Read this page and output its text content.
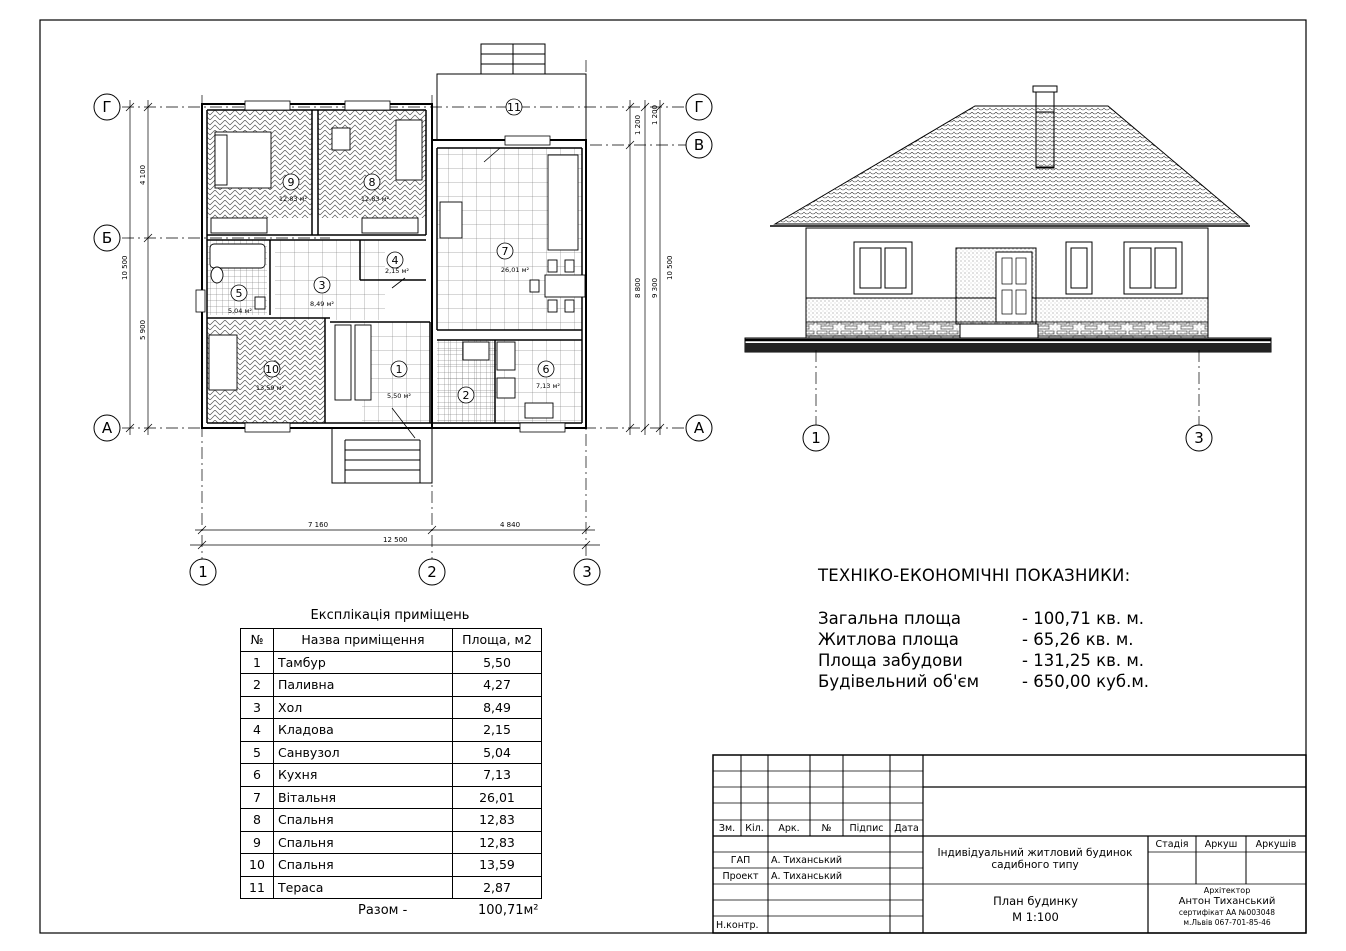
7 160	4 840
12 500
4 100
10 500
5 900
1 200 1 200
8 800 9 300
10 500
Г
Б
А
Г
В
А
1	2	3
1
2
3
4
5
6
7
8
9
10
11
5,50 м²
8,49 м²
2,15 м²
5,04 м²
7,13 м²
26,01 м²
12,83 м²
12,83 м²
13,59 м²
1	3
Експлікація приміщень
№	Назва приміщення	Площа, м2
1	Тамбур	5,50
2	Паливна	4,27
3	Хол	8,49
4	Кладова	2,15
5	Санвузол	5,04
6	Кухня	7,13
7	Вітальня	26,01
8	Спальня	12,83
9	Спальня	12,83
10	Спальня	13,59
11	Тераса	2,87
Разом -	100,71м²
ТЕХНІКО-ЕКОНОМІЧНІ ПОКАЗНИКИ:
Загальна площа	- 100,71 кв. м.
Житлова площа	- 65,26 кв. м.
Площа забудови	- 131,25 кв. м.
Будівельний об'єм	- 650,00 куб.м.
Зм.	Кіл.	Арк.	№	Підпис	Дата
ГАП	А. Тиханський
Проект	А. Тиханський
Н.контр.
Індивідуальний житловий будинок садибного типу
План будинку
М 1:100
Стадія	Аркуш	Аркушів
Архітектор
Антон Тиханський
сертифікат АА №003048
м.Львів 067-701-85-46
